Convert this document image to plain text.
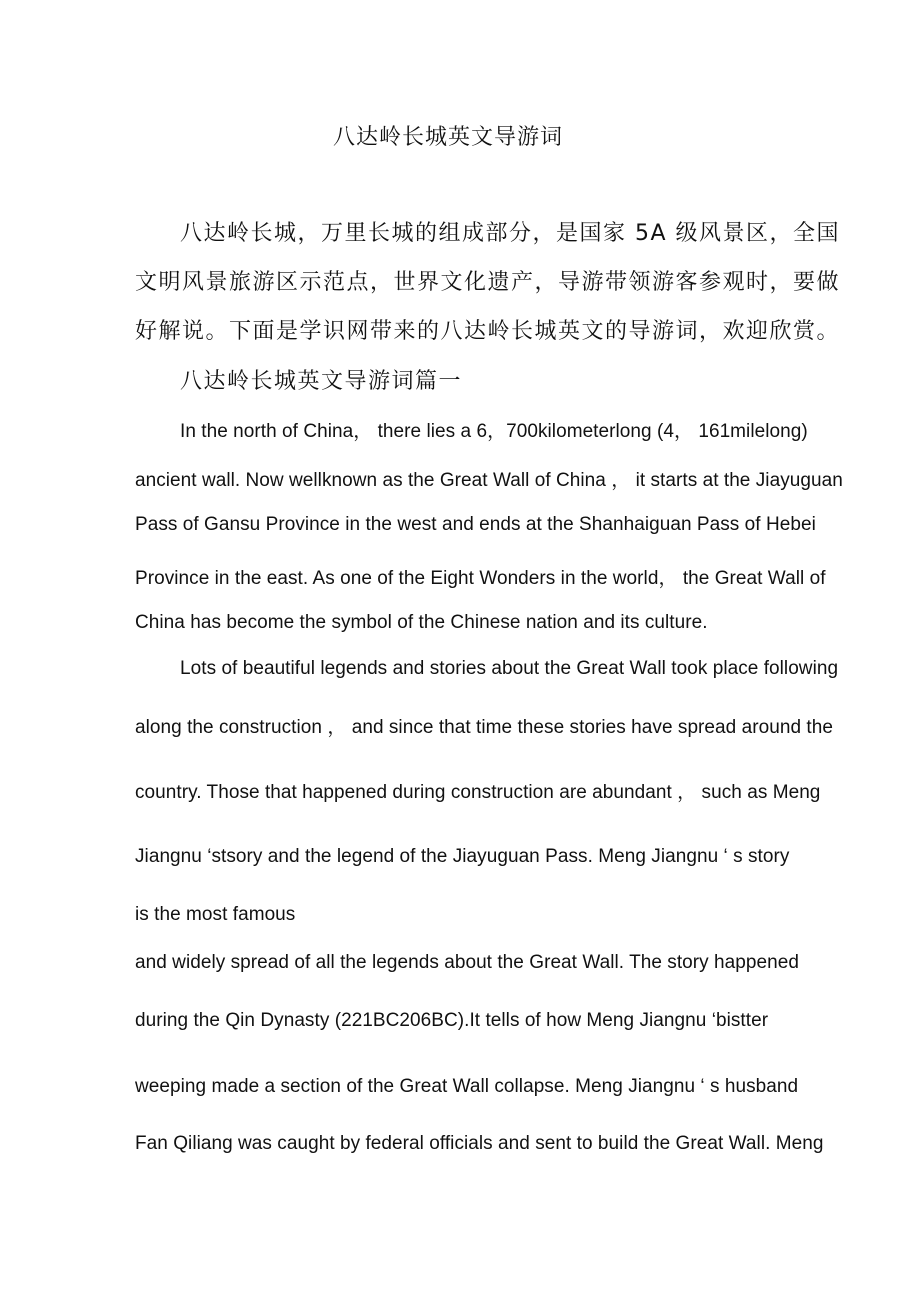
八达岭长城英文导游词
八达岭长城，万里长城的组成部分，是国家 5A 级风景区，全国
文明风景旅游区示范点，世界文化遗产，导游带领游客参观时，要做
好解说。下面是学识网带来的八达岭长城英文的导游词，欢迎欣赏。
八达岭长城英文导游词篇一
In the north of China， there lies a 6，700kilometerlong (4， 161milelong)
ancient wall. Now wellknown as the Great Wall of China ， it starts at the Jiayuguan
Pass of Gansu Province in the west and ends at the Shanhaiguan Pass of Hebei
Province in the east. As one of the Eight Wonders in the world， the Great Wall of
China has become the symbol of the Chinese nation and its culture.
Lots of beautiful legends and stories about the Great Wall took place following
along the construction ， and since that time these stories have spread around the
country. Those that happened during construction are abundant ， such as Meng
Jiangnu ‘stsory and the legend of the Jiayuguan Pass. Meng Jiangnu ‘ s story
is the most famous
and widely spread of all the legends about the Great Wall. The story happened
during the Qin Dynasty (221BC206BC).It tells of how Meng Jiangnu ‘bistter
weeping made a section of the Great Wall collapse. Meng Jiangnu ‘ s husband
Fan Qiliang was caught by federal officials and sent to build the Great Wall. Meng
